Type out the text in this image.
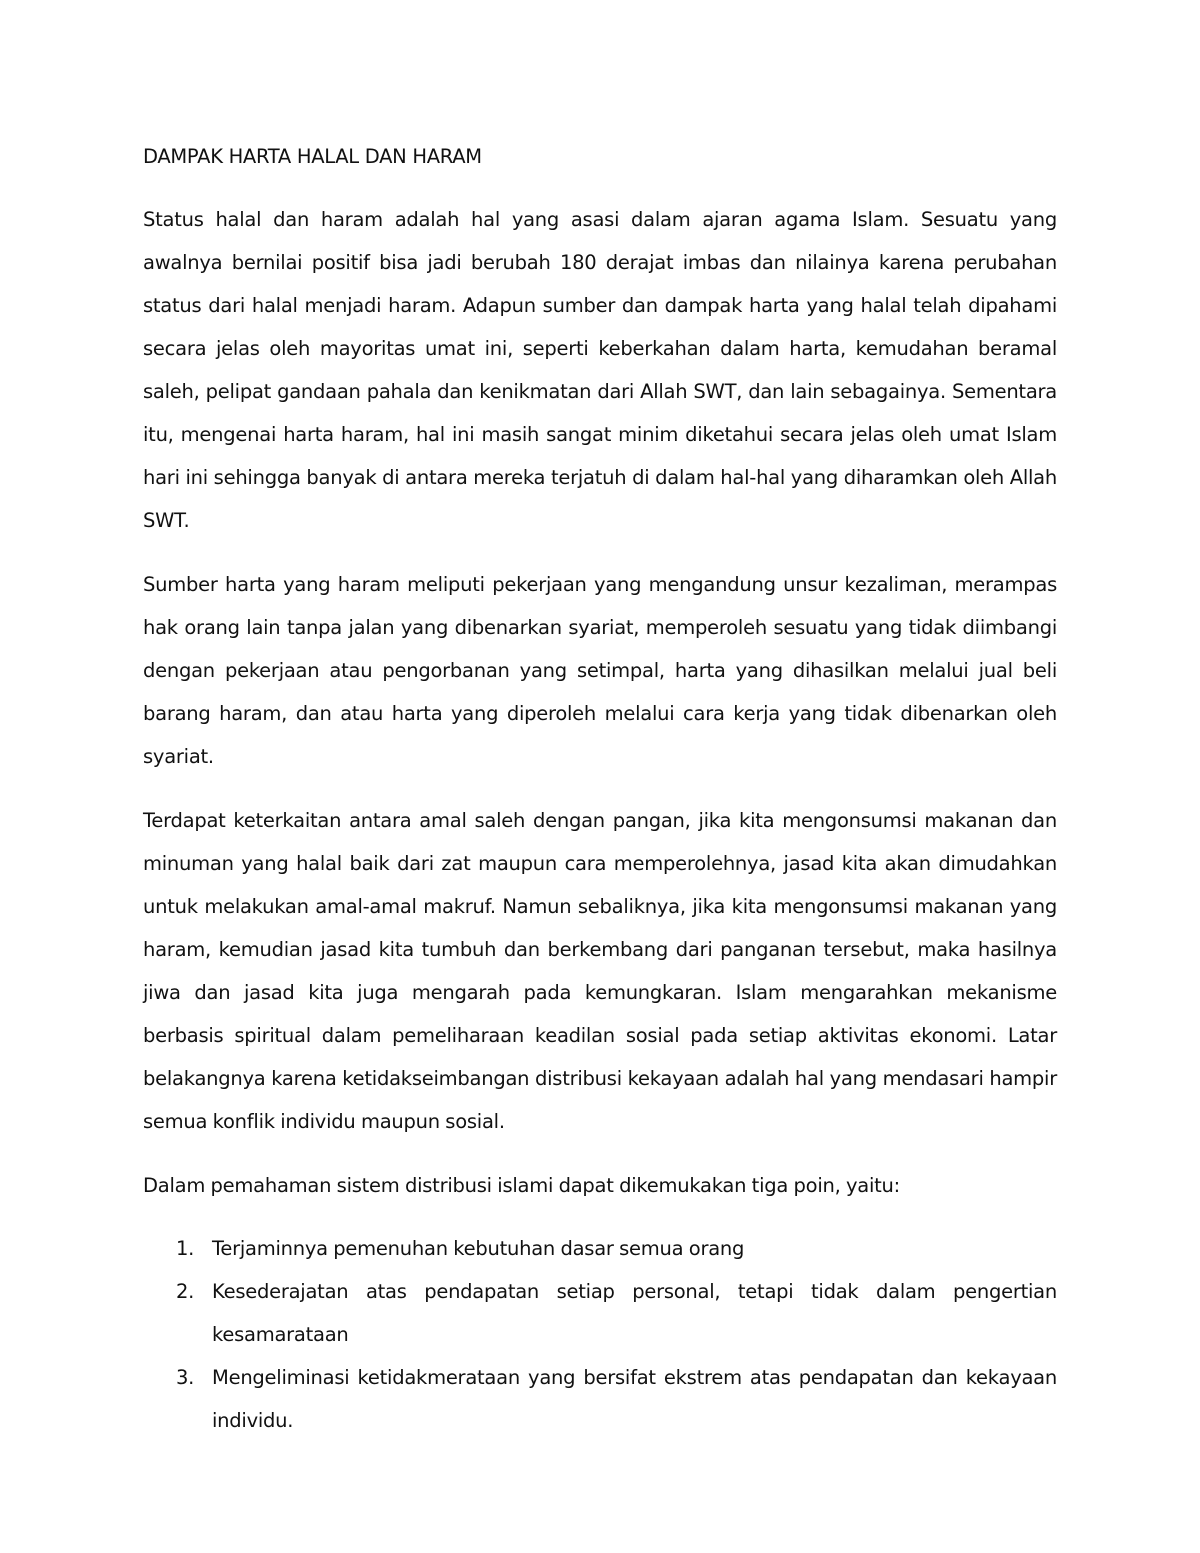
DAMPAK HARTA HALAL DAN HARAM

Status halal dan haram adalah hal yang asasi dalam ajaran agama Islam. Sesuatu yang awalnya bernilai positif bisa jadi berubah 180 derajat imbas dan nilainya karena perubahan status dari halal menjadi haram. Adapun sumber dan dampak harta yang halal telah dipahami secara jelas oleh mayoritas umat ini, seperti keberkahan dalam harta, kemudahan beramal saleh, pelipat gandaan pahala dan kenikmatan dari Allah SWT, dan lain sebagainya. Sementara itu, mengenai harta haram, hal ini masih sangat minim diketahui secara jelas oleh umat Islam hari ini sehingga banyak di antara mereka terjatuh di dalam hal-hal yang diharamkan oleh Allah SWT.

Sumber harta yang haram meliputi pekerjaan yang mengandung unsur kezaliman, merampas hak orang lain tanpa jalan yang dibenarkan syariat, memperoleh sesuatu yang tidak diimbangi dengan pekerjaan atau pengorbanan yang setimpal, harta yang dihasilkan melalui jual beli barang haram, dan atau harta yang diperoleh melalui cara kerja yang tidak dibenarkan oleh syariat.

Terdapat keterkaitan antara amal saleh dengan pangan, jika kita mengonsumsi makanan dan minuman yang halal baik dari zat maupun cara memperolehnya, jasad kita akan dimudahkan untuk melakukan amal-amal makruf. Namun sebaliknya, jika kita mengonsumsi makanan yang haram, kemudian jasad kita tumbuh dan berkembang dari panganan tersebut, maka hasilnya jiwa dan jasad kita juga mengarah pada kemungkaran. Islam mengarahkan mekanisme berbasis spiritual dalam pemeliharaan keadilan sosial pada setiap aktivitas ekonomi. Latar belakangnya karena ketidakseimbangan distribusi kekayaan adalah hal yang mendasari hampir semua konflik individu maupun sosial.

Dalam pemahaman sistem distribusi islami dapat dikemukakan tiga poin, yaitu:

1. Terjaminnya pemenuhan kebutuhan dasar semua orang
2. Kesederajatan atas pendapatan setiap personal, tetapi tidak dalam pengertian kesamarataan
3. Mengeliminasi ketidakmerataan yang bersifat ekstrem atas pendapatan dan kekayaan individu.
